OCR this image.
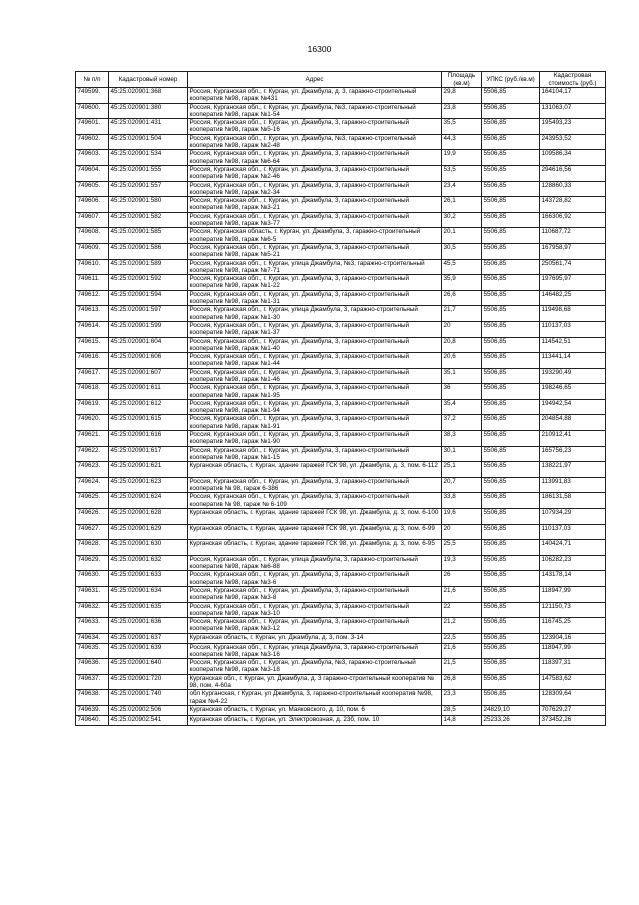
16300
№ п/п	Кадастровый номер	Адрес	Площадь (кв.м)	УПКС (руб./кв.м)	Кадастровая стоимость (руб.)
749599.	45:25:020901:368	Россия, Курганская обл., г. Курган, ул. Джамбула, д. 3, гаражно-строительный кооператив №98, гараж №431	29,8	5506,85	164104,17
749600.	45:25:020901:380	Россия, Курганская обл., г. Курган, ул. Джамбула, №3, гаражно-строительный кооператив №98, гараж №1-54	23,8	5506,85	131063,07
749601.	45:25:020901:431	Россия, Курганская обл., г. Курган, ул. Джамбула, 3, гаражно-строительный кооператив №98, гараж №5-16	35,5	5506,85	195493,23
749602.	45:25:020901:504	Россия, Курганская обл., г. Курган, ул. Джамбула, №3, гаражно-строительный кооператив №98, гараж №2-48	44,3	5506,85	243953,52
749603.	45:25:020901:534	Россия, Курганская обл., г. Курган, ул. Джамбула, 3, гаражно-строительный кооператив №98, гараж №6-64	19,9	5506,85	109586,34
749604.	45:25:020901:555	Россия, Курганская обл., г. Курган, ул. Джамбула, 3, гаражно-строительный кооператив №98, гараж №2-46	53,5	5506,85	294616,56
749605.	45:25:020901:557	Россия, Курганская обл., г. Курган, ул. Джамбула, 3, гаражно-строительный кооператив №98, гараж №2-34	23,4	5506,85	128860,33
749606.	45:25:020901:580	Россия, Курганская обл., г. Курган, ул. Джамбула, 3, гаражно-строительный кооператив №98, гараж №3-21	26,1	5506,85	143728,82
749607.	45:25:020901:582	Россия, Курганская обл., г. Курган, ул. Джамбула, 3, гаражно-строительный кооператив №98, гараж №3-77	30,2	5506,85	166306,92
749608.	45:25:020901:585	Россия, Курганская область, г. Курган, ул. Джамбула, 3, гаражно-строительный кооператив №98, гараж №6-5	20,1	5506,85	110687,72
749609.	45:25:020901:586	Россия, Курганская обл., г. Курган, ул. Джамбула, 3, гаражно-строительный кооператив №98, гараж №5-21	30,5	5506,85	167958,97
749610.	45:25:020901:589	Россия, Курганская обл., г. Курган, улица Джамбула, №3, гаражно-строительный кооператив №98, гараж №7-71	45,5	5506,85	250561,74
749611.	45:25:020901:592	Россия, Курганская обл., г. Курган, ул. Джамбула, 3, гаражно-строительный кооператив №98, гараж №1-22	35,9	5506,85	197695,97
749612.	45:25:020901:594	Россия, Курганская обл., г. Курган, ул. Джамбула, 3, гаражно-строительный кооператив №98, гараж №1-31	26,6	5506,85	146482,25
749613.	45:25:020901:597	Россия, Курганская обл., г. Курган, улица Джамбула, 3, гаражно-строительный кооператив №98, гараж №1-30	21,7	5506,85	119498,68
749614.	45:25:020901:599	Россия, Курганская обл., г. Курган, ул. Джамбула, 3, гаражно-строительный кооператив №98, гараж №1-37	20	5506,85	110137,03
749615.	45:25:020901:604	Россия, Курганская обл., г. Курган, ул. Джамбула, 3, гаражно-строительный кооператив №98, гараж №1-40	20,8	5506,85	114542,51
749616.	45:25:020901:606	Россия, Курганская обл., г. Курган, ул. Джамбула, 3, гаражно-строительный кооператив №98, гараж №1-44	20,6	5506,85	113441,14
749617.	45:25:020901:607	Россия, Курганская обл., г. Курган, ул. Джамбула, 3, гаражно-строительный кооператив №98, гараж №1-46	35,1	5506,85	193290,49
749618.	45:25:020901:611	Россия, Курганская обл., г. Курган, ул. Джамбула, 3, гаражно-строительный кооператив №98, гараж №1-95	36	5506,85	198246,65
749619.	45:25:020901:612	Россия, Курганская обл., г. Курган, ул. Джамбула, 3, гаражно-строительный кооператив №98, гараж №1-94	35,4	5506,85	194942,54
749620.	45:25:020901:615	Россия, Курганская обл., г. Курган, ул. Джамбула, 3, гаражно-строительный кооператив №98, гараж №1-91	37,2	5506,85	204854,88
749621.	45:25:020901:616	Россия, Курганская обл., г. Курган, ул. Джамбула, 3, гаражно-строительный кооператив №98, гараж №1-90	38,3	5506,85	210912,41
749622.	45:25:020901:617	Россия, Курганская обл., г. Курган, ул. Джамбула, 3, гаражно-строительный кооператив №98, гараж №1-15	30,1	5506,85	165756,23
749623.	45:25:020901:621	Курганская область, г. Курган, здание гаражей ГСК 98, ул. Джамбула, д. 3, пом. 6-112	25,1	5506,85	138221,97
749624.	45:25:020901:623	Россия, Курганская обл., г. Курган, ул. Джамбула, 3, гаражно-строительный кооператив № 98, гараж 6-386	20,7	5506,85	113991,83
749625.	45:25:020901:624	Россия, Курганская обл., г. Курган, ул. Джамбула, 3, гаражно-строительный кооператив № 98, гараж № 6-109	33,8	5506,85	186131,58
749626.	45:25:020901:628	Курганская область, г. Курган, здание гаражей ГСК 98, ул. Джамбула, д. 3, пом. 6-100	19,6	5506,85	107934,29
749627.	45:25:020901:629	Курганская область, г. Курган, здание гаражей ГСК 98, ул. Джамбула, д. 3, пом. 6-99	20	5506,85	110137,03
749628.	45:25:020901:630	Курганская область, г. Курган, здание гаражей ГСК 98, ул. Джамбула, д. 3, пом. 6-95	25,5	5506,85	140424,71
749629.	45:25:020901:632	Россия, Курганская обл., г. Курган, улица Джамбула, 3, гаражно-строительный кооператив №98, гараж №6-88	19,3	5506,85	106282,23
749630.	45:25:020901:633	Россия, Курганская обл., г. Курган, ул. Джамбула, 3, гаражно-строительный кооператив №98, гараж №3-6	26	5506,85	143178,14
749631.	45:25:020901:634	Россия, Курганская обл., г. Курган, ул. Джамбула, 3, гаражно-строительный кооператив №98, гараж №3-8	21,6	5506,85	118947,99
749632.	45:25:020901:635	Россия, Курганская обл., г. Курган, ул. Джамбула, 3, гаражно-строительный кооператив №98, гараж №3-10	22	5506,85	121150,73
749633.	45:25:020901:636	Россия, Курганская обл., г. Курган, ул. Джамбула, 3, гаражно-строительный кооператив №98, гараж №3-12	21,2	5506,85	116745,25
749634.	45:25:020901:637	Курганская область, г. Курган, ул. Джамбула, д. 3, пом. 3-14	22,5	5506,85	123904,16
749635.	45:25:020901:639	Россия, Курганская обл., г. Курган, улица Джамбула, 3, гаражно-строительный кооператив №98, гараж №3-16	21,6	5506,85	118947,99
749636.	45:25:020901:640	Россия, Курганская обл., г. Курган, ул. Джамбула, №3, гаражно-строительный кооператив №98, гараж №3-18	21,5	5506,85	118397,31
749637.	45:25:020901:720	Курганская обл., г. Курган, ул. Джамбула, д. 3 гаражно-строительный кооператив № 98, пом. 4-60а	26,8	5506,85	147583,62
749638.	45:25:020901:740	обл Курганская, г Курган, ул Джамбула, 3, гаражно-строительный кооператив №98, гараж №4-22	23,3	5506,85	128309,64
749639.	45:25:020902:506	Курганская область, г. Курган, ул. Маяковского, д. 10, пом. 6	28,5	24829,10	707629,27
749640.	45:25:020902:541	Курганская область, г. Курган, ул. Электровозная, д. 23б, пом. 10	14,8	25233,26	373452,26
